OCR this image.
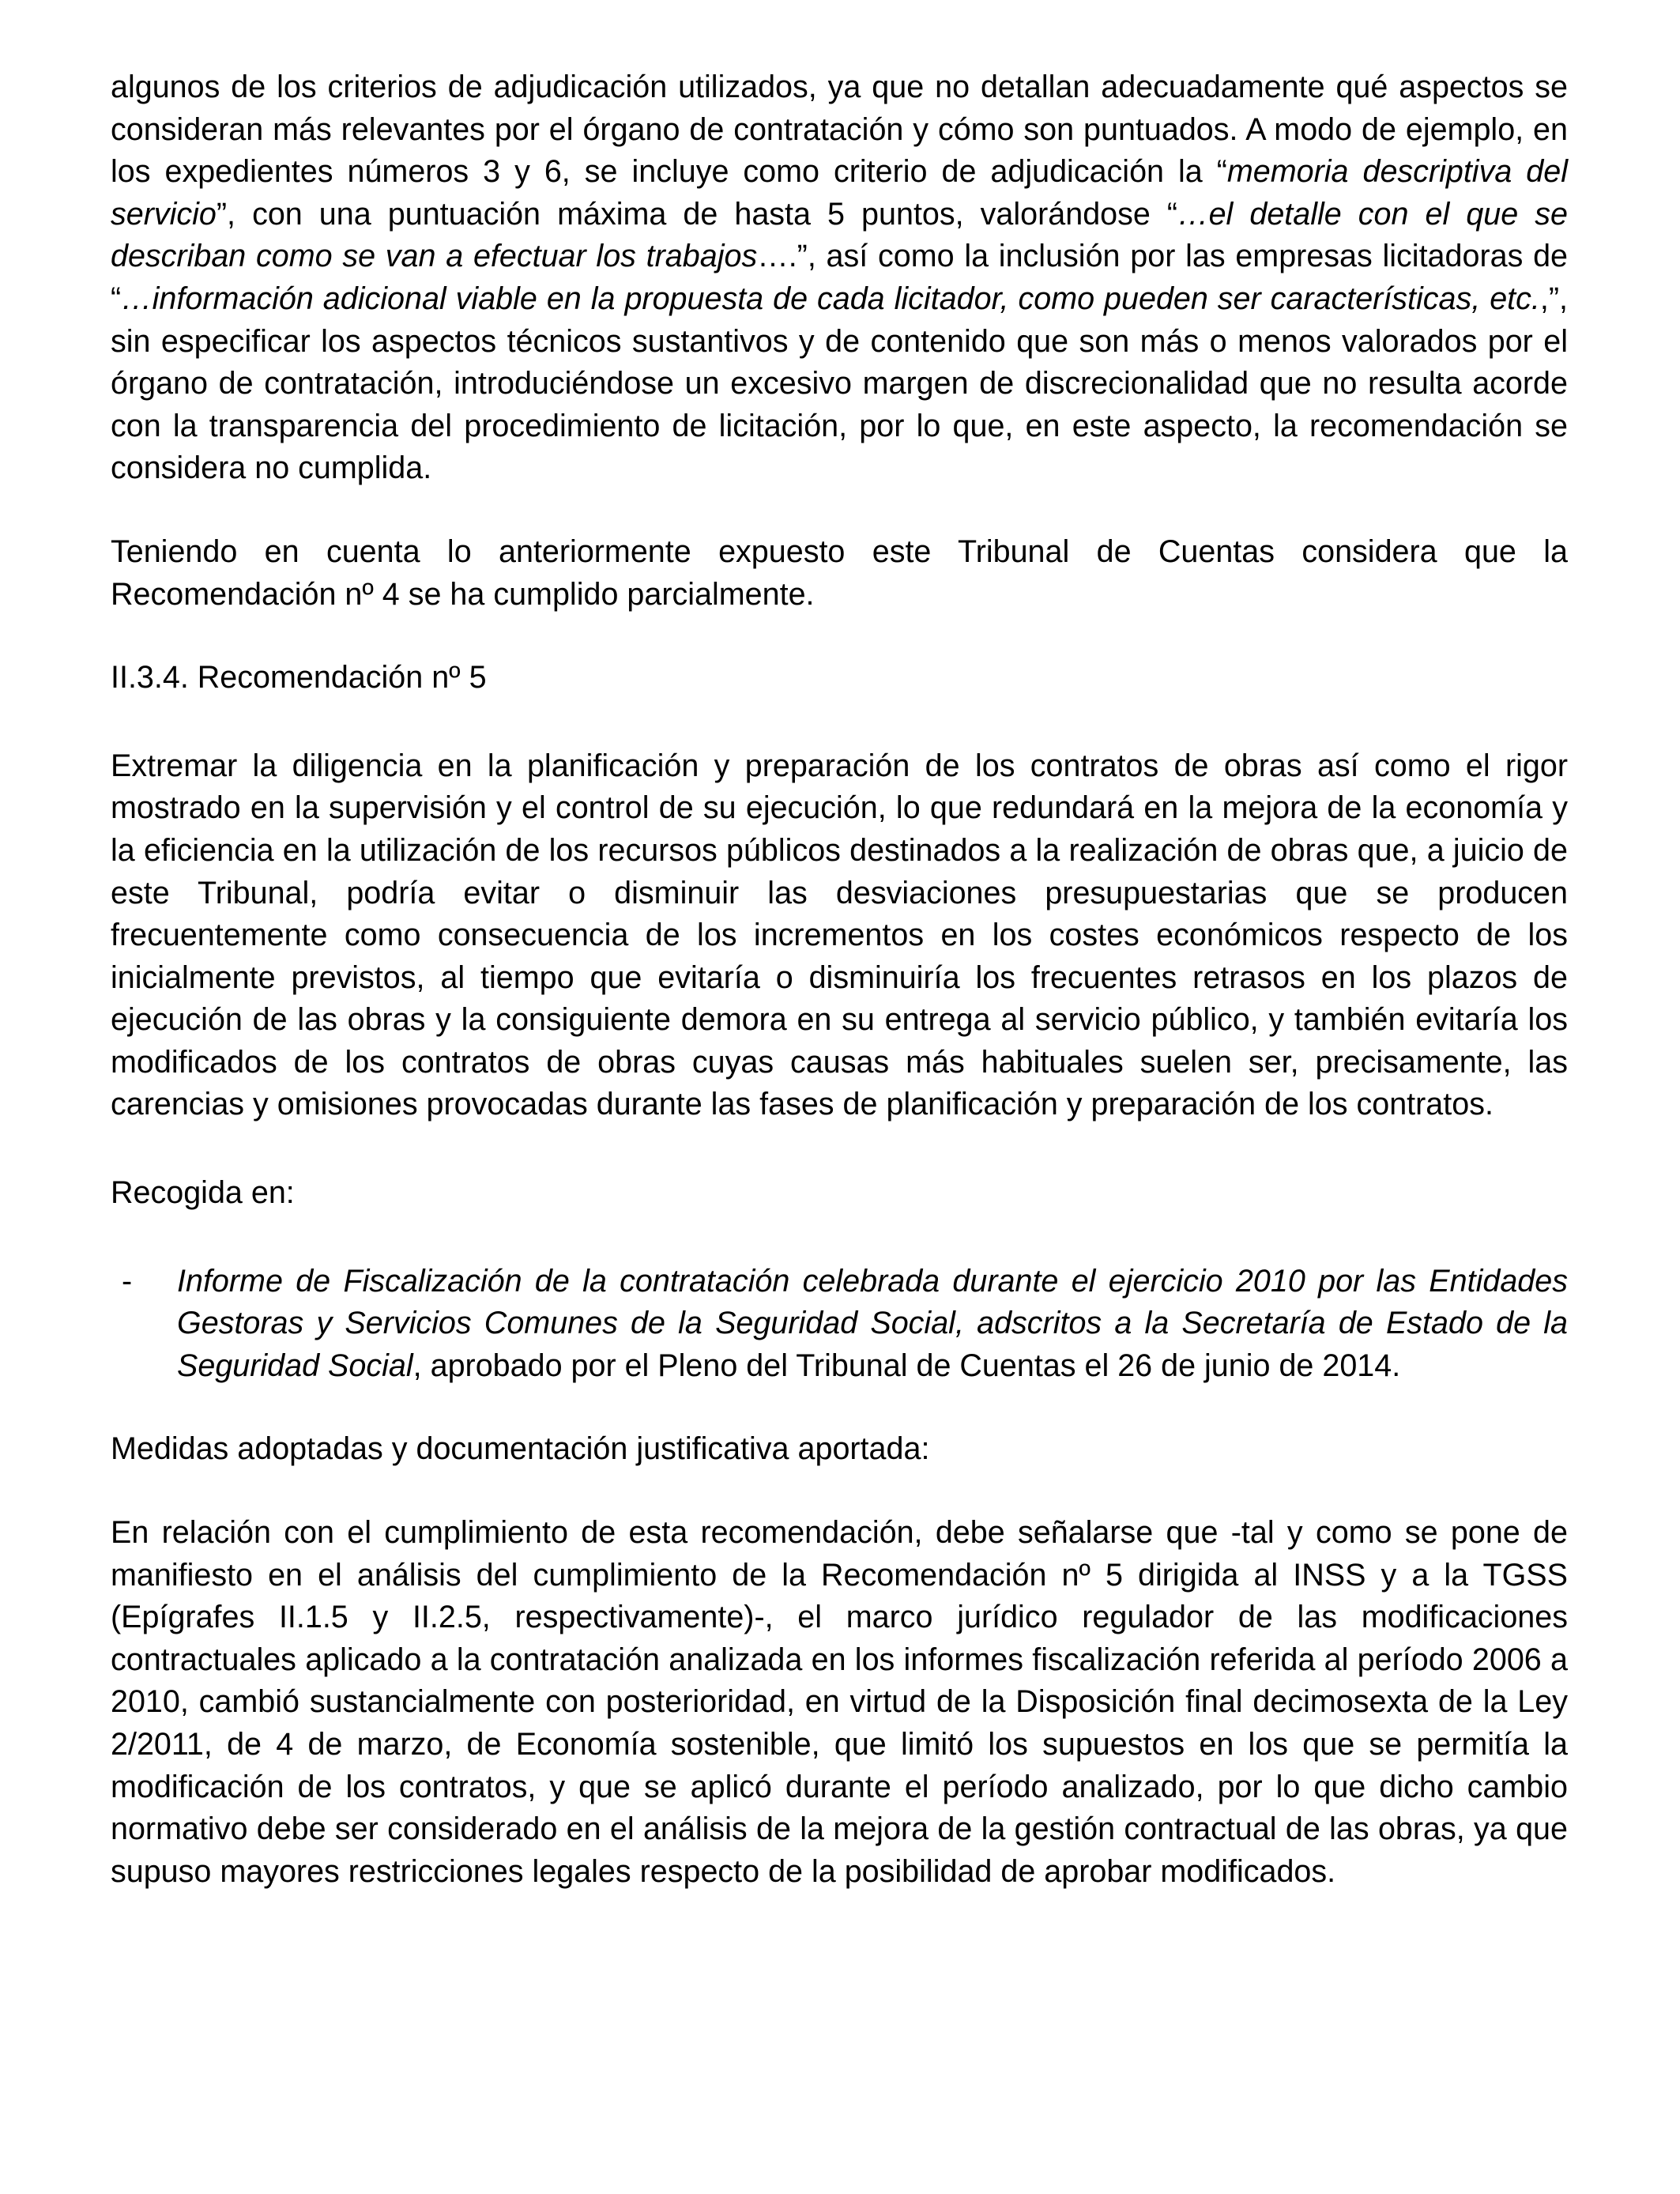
algunos de los criterios de adjudicación utilizados, ya que no detallan adecuadamente qué aspectos se consideran más relevantes por el órgano de contratación y cómo son puntuados. A modo de ejemplo, en los expedientes números 3 y 6, se incluye como criterio de adjudicación la “memoria descriptiva del servicio”, con una puntuación máxima de hasta 5 puntos, valorándose “…el detalle con el que se describan como se van a efectuar los trabajos….”, así como la inclusión por las empresas licitadoras de “…información adicional viable en la propuesta de cada licitador, como pueden ser características, etc.,”, sin especificar los aspectos técnicos sustantivos y de contenido que son más o menos valorados por el órgano de contratación, introduciéndose un excesivo margen de discrecionalidad que no resulta acorde con la transparencia del procedimiento de licitación, por lo que, en este aspecto, la recomendación se considera no cumplida.

Teniendo en cuenta lo anteriormente expuesto este Tribunal de Cuentas considera que la Recomendación nº 4 se ha cumplido parcialmente.

II.3.4. Recomendación nº 5

Extremar la diligencia en la planificación y preparación de los contratos de obras así como el rigor mostrado en la supervisión y el control de su ejecución, lo que redundará en la mejora de la economía y la eficiencia en la utilización de los recursos públicos destinados a la realización de obras que, a juicio de este Tribunal, podría evitar o disminuir las desviaciones presupuestarias que se producen frecuentemente como consecuencia de los incrementos en los costes económicos respecto de los inicialmente previstos, al tiempo que evitaría o disminuiría los frecuentes retrasos en los plazos de ejecución de las obras y la consiguiente demora en su entrega al servicio público, y también evitaría los modificados de los contratos de obras cuyas causas más habituales suelen ser, precisamente, las carencias y omisiones provocadas durante las fases de planificación y preparación de los contratos.

Recogida en:

- Informe de Fiscalización de la contratación celebrada durante el ejercicio 2010 por las Entidades Gestoras y Servicios Comunes de la Seguridad Social, adscritos a la Secretaría de Estado de la Seguridad Social, aprobado por el Pleno del Tribunal de Cuentas el 26 de junio de 2014.

Medidas adoptadas y documentación justificativa aportada:

En relación con el cumplimiento de esta recomendación, debe señalarse que -tal y como se pone de manifiesto en el análisis del cumplimiento de la Recomendación nº 5 dirigida al INSS y a la TGSS (Epígrafes II.1.5 y II.2.5, respectivamente)-, el marco jurídico regulador de las modificaciones contractuales aplicado a la contratación analizada en los informes fiscalización referida al período 2006 a 2010, cambió sustancialmente con posterioridad, en virtud de la Disposición final decimosexta de la Ley 2/2011, de 4 de marzo, de Economía sostenible, que limitó los supuestos en los que se permitía la modificación de los contratos, y que se aplicó durante el período analizado, por lo que dicho cambio normativo debe ser considerado en el análisis de la mejora de la gestión contractual de las obras, ya que supuso mayores restricciones legales respecto de la posibilidad de aprobar modificados.
